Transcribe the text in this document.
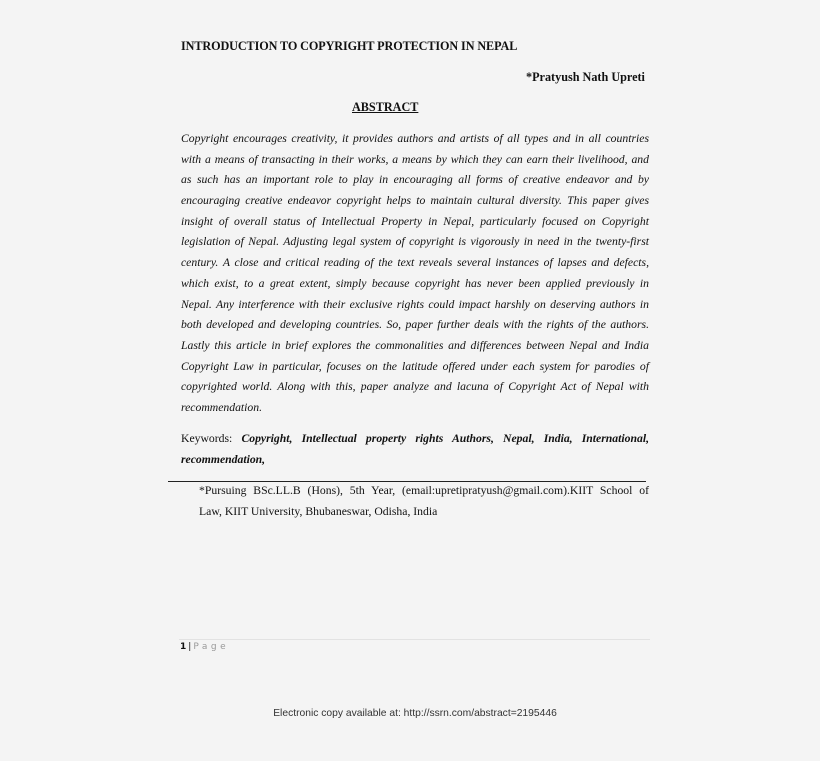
INTRODUCTION TO COPYRIGHT PROTECTION IN NEPAL
*Pratyush Nath Upreti
ABSTRACT
Copyright encourages creativity, it provides authors and artists of all types and in all countries
with a means of transacting in their works, a means by which they can earn their livelihood, and
as such has an important role to play in encouraging all forms of creative endeavor and by
encouraging creative endeavor copyright helps to maintain cultural diversity. This paper gives
insight of overall status of Intellectual Property in Nepal, particularly focused on Copyright
legislation of Nepal. Adjusting legal system of copyright is vigorously in need in the twenty-first
century. A close and critical reading of the text reveals several instances of lapses and defects,
which exist, to a great extent, simply because copyright has never been applied previously in
Nepal. Any interference with their exclusive rights could impact harshly on deserving authors in
both developed and developing countries. So, paper further deals with the rights of the authors.
Lastly this article in brief explores the commonalities and differences between Nepal and India
Copyright Law in particular, focuses on the latitude offered under each system for parodies of
copyrighted world. Along with this, paper analyze and lacuna of Copyright Act of Nepal with
recommendation.
Keywords: Copyright, Intellectual property rights Authors, Nepal, India, International,
recommendation,
*Pursuing BSc.LL.B (Hons), 5th Year, (email:upretipratyush@gmail.com).KIIT School of
Law, KIIT University, Bhubaneswar, Odisha, India
1 | Page
Electronic copy available at: http://ssrn.com/abstract=2195446
